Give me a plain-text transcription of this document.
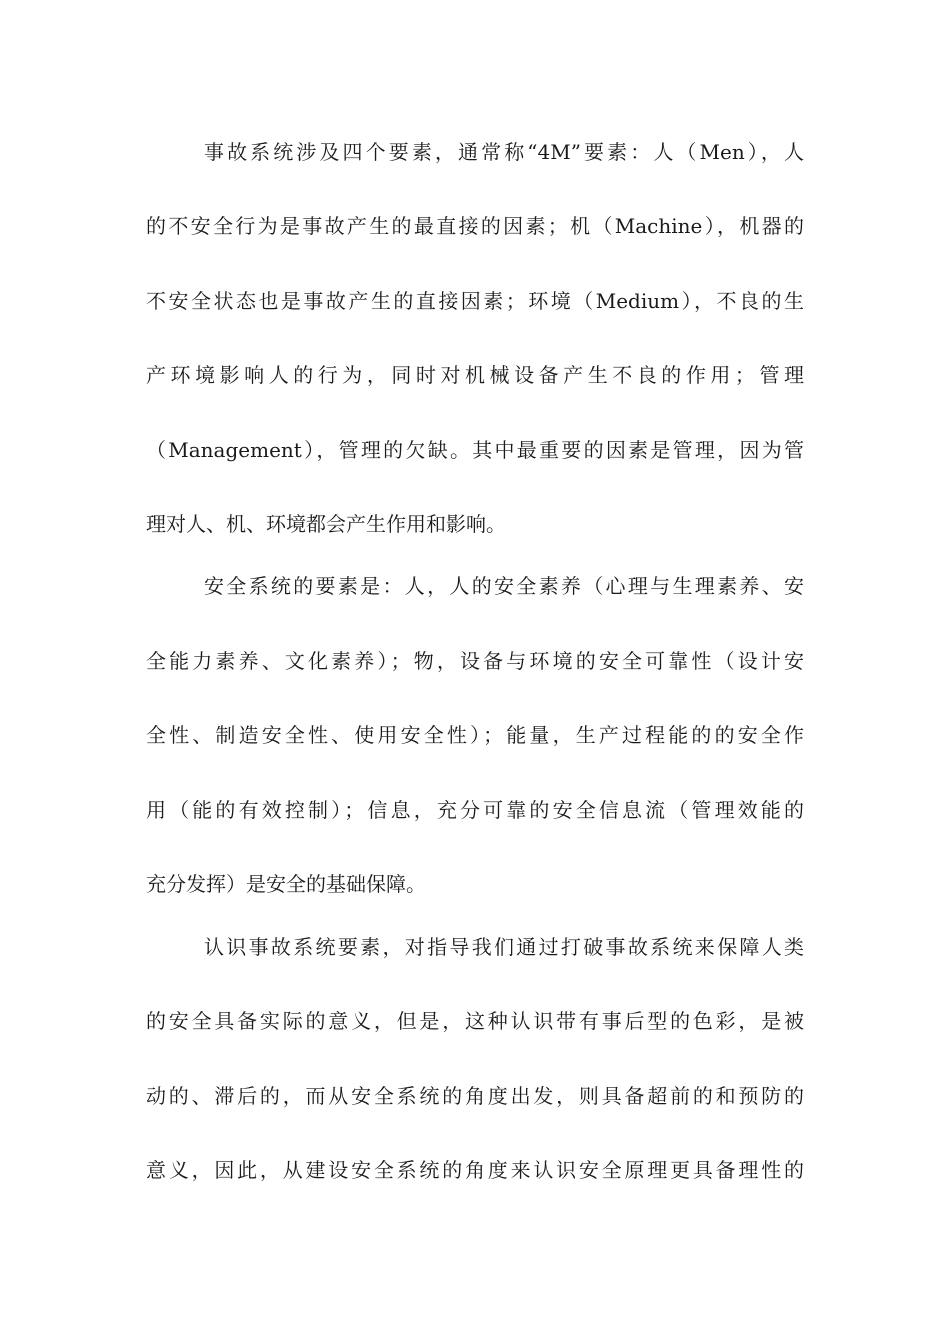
事故系统涉及四个要素，通常称“4M”要素：人（Men），人
的不安全行为是事故产生的最直接的因素；机（Machine），机器的
不安全状态也是事故产生的直接因素；环境（Medium），不良的生
产环境影响人的行为，同时对机械设备产生不良的作用；管理
（Management），管理的欠缺。其中最重要的因素是管理，因为管
理对人、机、环境都会产生作用和影响。
安全系统的要素是：人，人的安全素养（心理与生理素养、安
全能力素养、文化素养）；物，设备与环境的安全可靠性（设计安
全性、制造安全性、使用安全性）；能量，生产过程能的的安全作
用（能的有效控制）；信息，充分可靠的安全信息流（管理效能的
充分发挥）是安全的基础保障。
认识事故系统要素，对指导我们通过打破事故系统来保障人类
的安全具备实际的意义，但是，这种认识带有事后型的色彩，是被
动的、滞后的，而从安全系统的角度出发，则具备超前的和预防的
意义，因此，从建设安全系统的角度来认识安全原理更具备理性的
